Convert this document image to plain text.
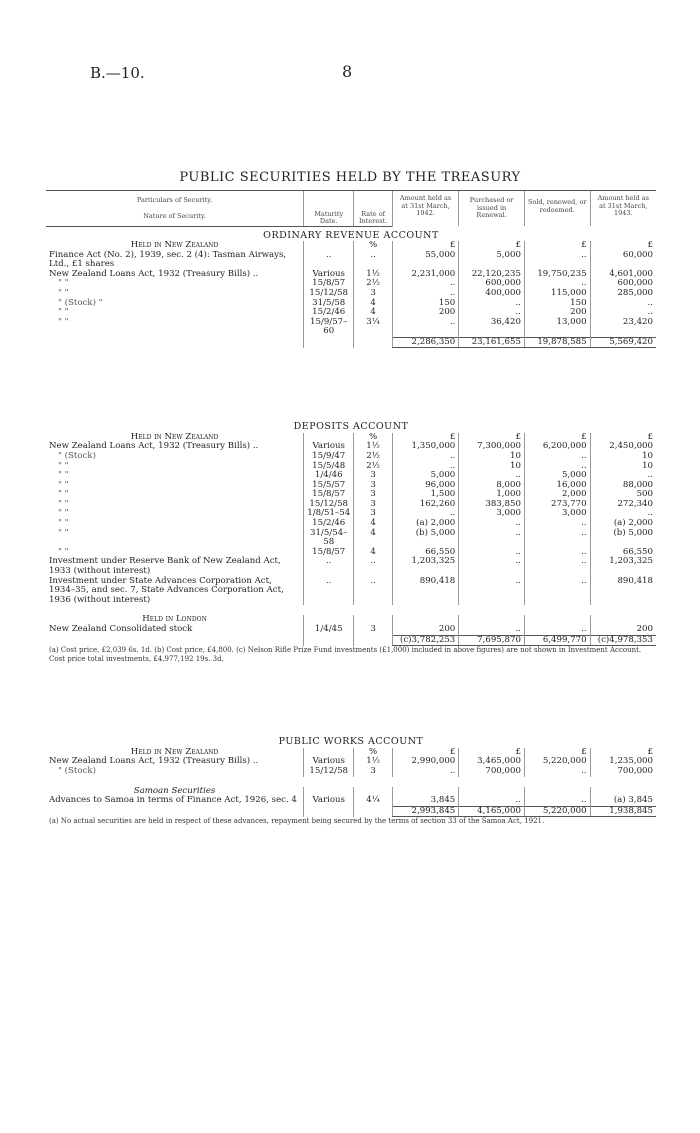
B.—10.	8
PUBLIC SECURITIES HELD BY THE TREASURY
Particulars of Security.			Amount held as at 31st March, 1942.	Purchased or issued in Renewal.	Sold, renewed, or redeemed.	Amount held as at 31st March, 1943.
Nature of Security.	Maturity Date.	Rate of Interest.				
ORDINARY REVENUE ACCOUNT						
Held in New Zealand		%	£	£	£	£
Finance Act (No. 2), 1939, sec. 2 (4): Tasman Airways, Ltd., £1 shares	..	..	55,000	5,000	..	60,000
New Zealand Loans Act, 1932 (Treasury Bills) ..	Various	1½	2,231,000	22,120,235	19,750,235	4,601,000
" "	15/8/57	2½	..	600,000	..	600,000
" "	15/12/58	3	..	400,000	115,000	285,000
" (Stock) "	31/5/58	4	150	..	150	..
" "	15/2/46	4	200	..	200	..
" "	15/9/57–60	3¼	..	36,420	13,000	23,420
			2,286,350	23,161,655	19,878,585	5,569,420

DEPOSITS ACCOUNT						
Held in New Zealand		%	£	£	£	£
New Zealand Loans Act, 1932 (Treasury Bills) ..	Various	1½	1,350,000	7,300,000	6,200,000	2,450,000
" (Stock)	15/9/47	2½	..	10	..	10
" "	15/5/48	2½	..	10	..	10
" "	1/4/46	3	5,000	..	5,000	..
" "	15/5/57	3	96,000	8,000	16,000	88,000
" "	15/8/57	3	1,500	1,000	2,000	500
" "	15/12/58	3	162,260	383,850	273,770	272,340
" "	1/8/51–54	3	..	3,000	3,000	..
" "	15/2/46	4	(a) 2,000	..	..	(a) 2,000
" "	31/5/54–58	4	(b) 5,000	..	..	(b) 5,000
" "	15/8/57	4	66,550	..	..	66,550
Investment under Reserve Bank of New Zealand Act, 1933 (without interest)	..	..	1,203,325	..	..	1,203,325
Investment under State Advances Corporation Act, 1934–35, and sec. 7, State Advances Corporation Act, 1936 (without interest)	..	..	890,418	..	..	890,418

Held in London						
New Zealand Consolidated stock	1/4/45	3	200	..	..	200
			(c)3,782,253	7,695,870	6,499,770	(c)4,978,353
(a) Cost price, £2,039 6s. 1d. (b) Cost price, £4,800. (c) Nelson Rifle Prize Fund investments (£1,000) included in above figures) are not shown in Investment Account. Cost price total investments, £4,977,192 19s. 3d.						

PUBLIC WORKS ACCOUNT						
Held in New Zealand		%	£	£	£	£
New Zealand Loans Act, 1932 (Treasury Bills) ..	Various	1½	2,990,000	3,465,000	5,220,000	1,235,000
" (Stock)	15/12/58	3	..	700,000	..	700,000

Samoan Securities						
Advances to Samoa in terms of Finance Act, 1926, sec. 4	Various	4¼	3,845	..	..	(a) 3,845
			2,993,845	4,165,000	5,220,000	1,938,845
(a) No actual securities are held in respect of these advances, repayment being secured by the terms of section 33 of the Samoa Act, 1921.						
